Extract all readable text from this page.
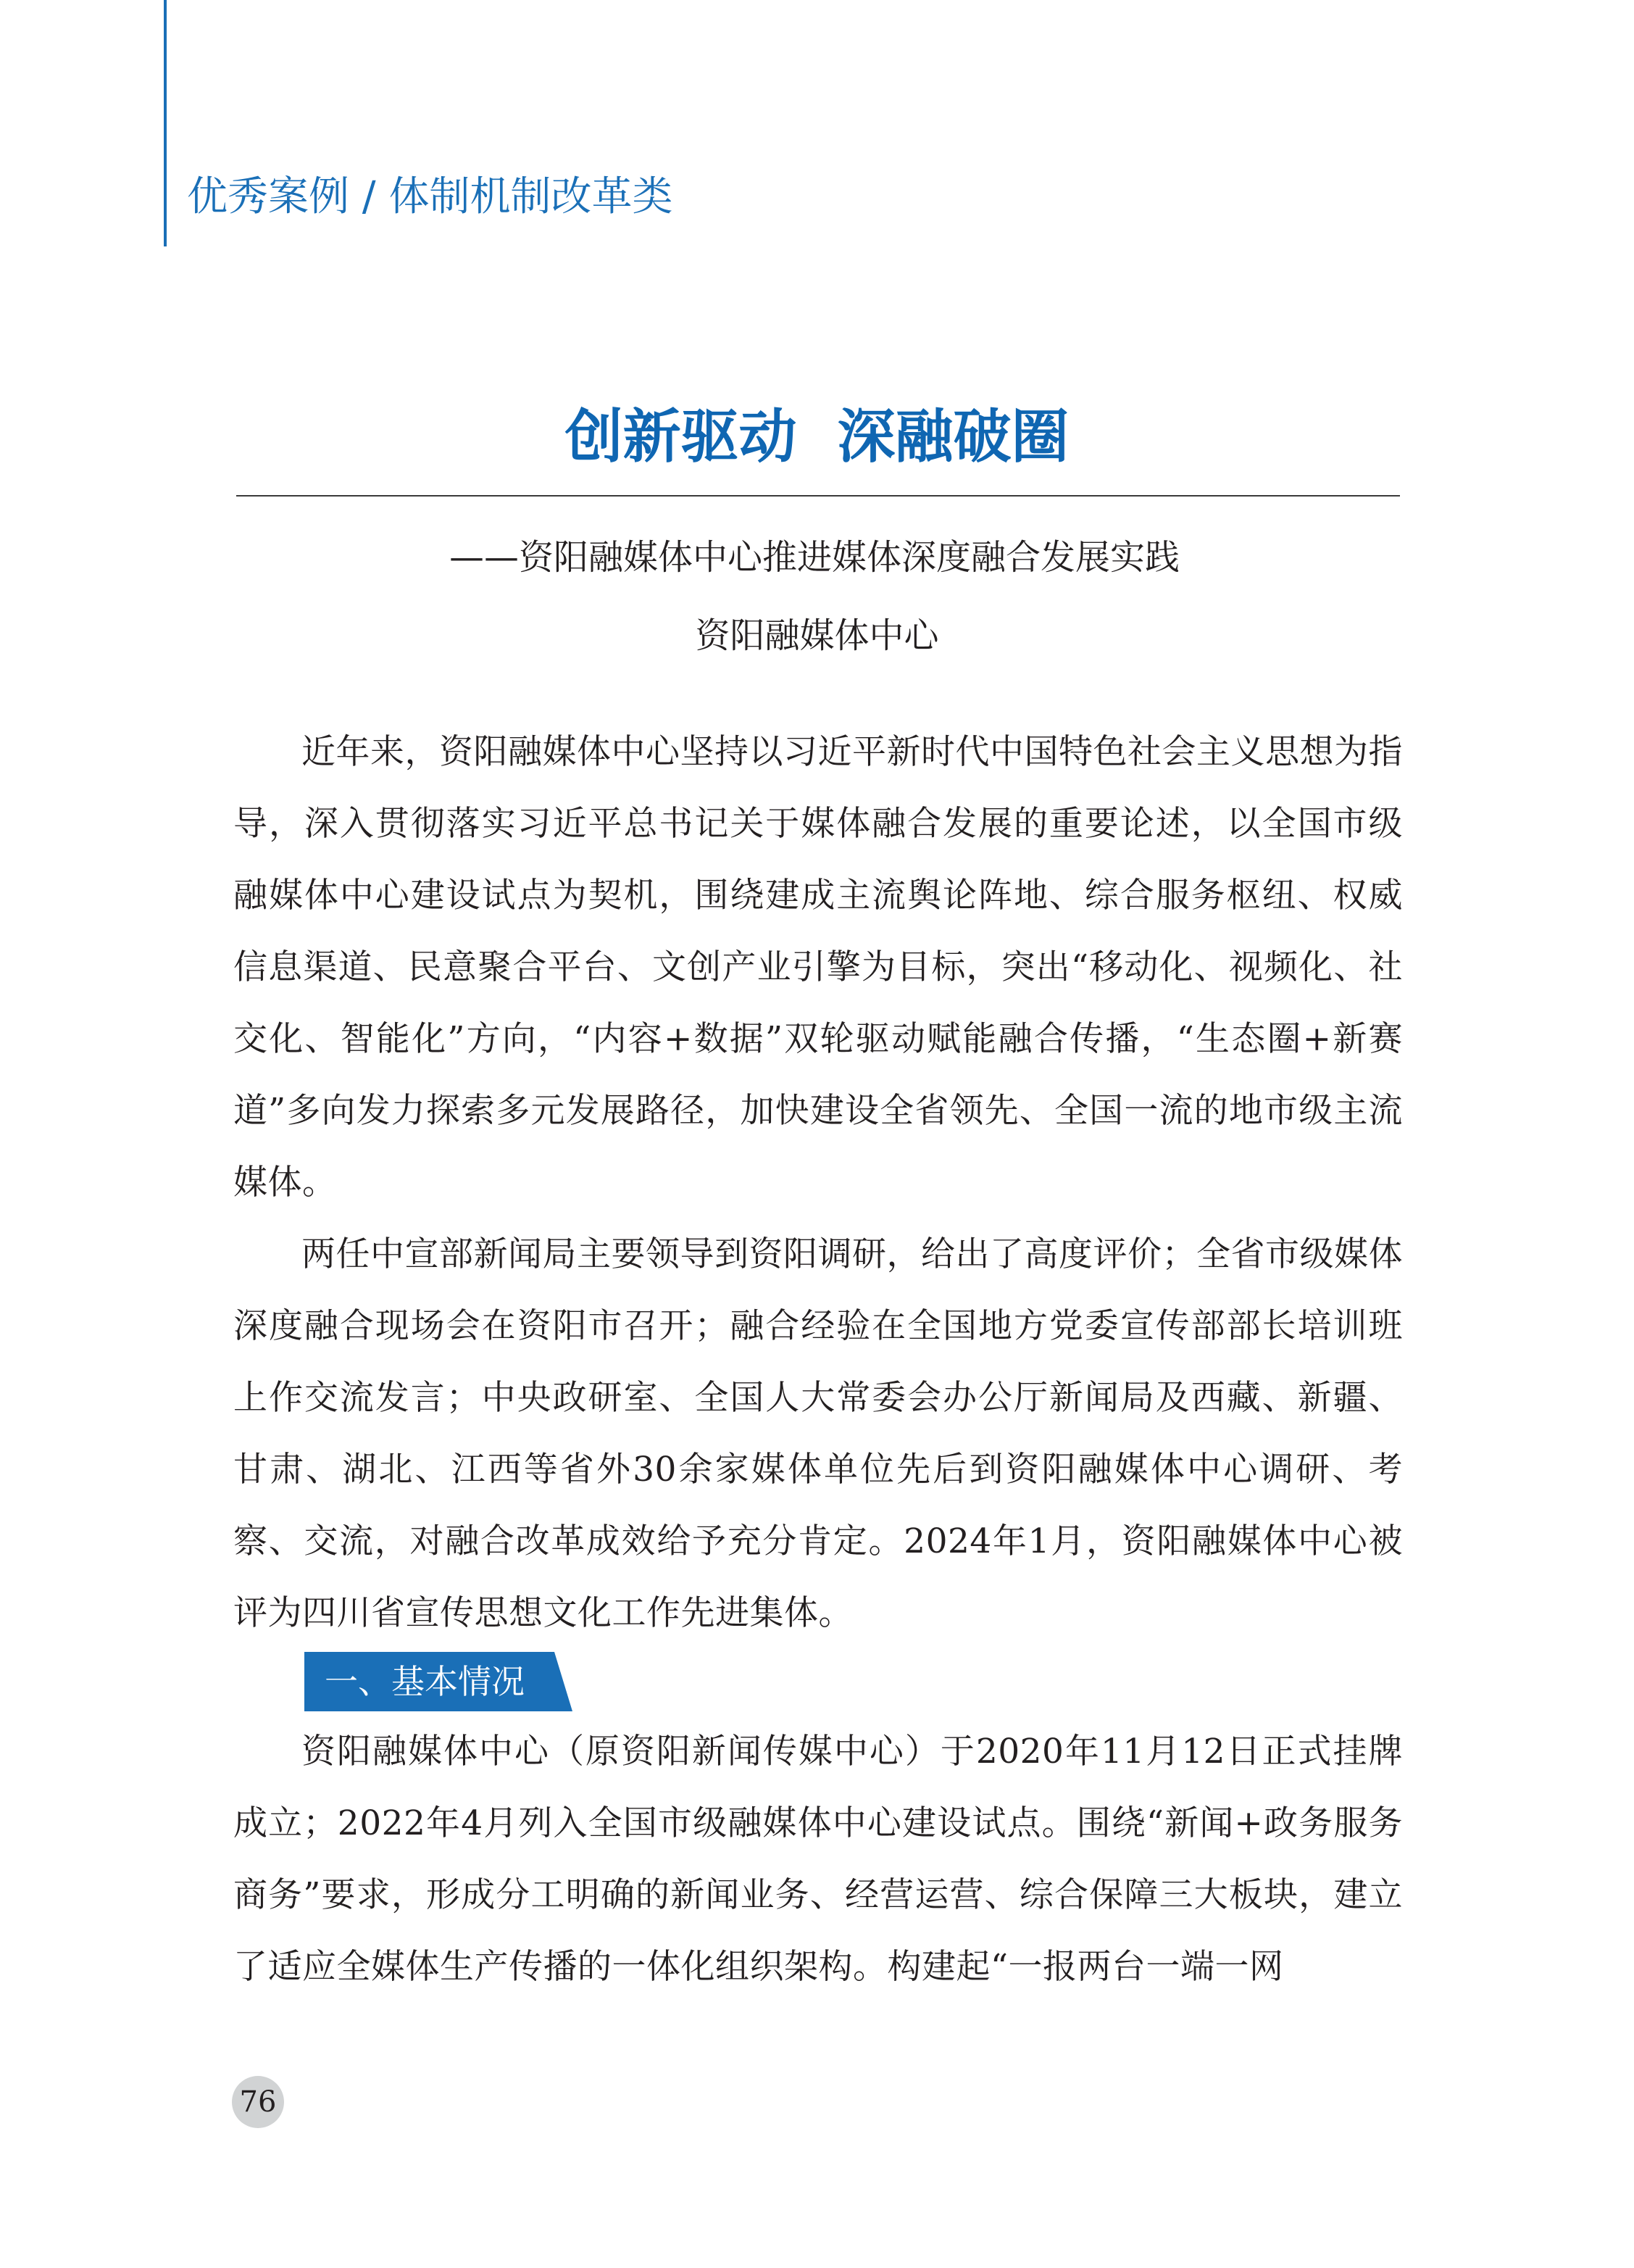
优秀案例 / 体制机制改革类
创新驱动  深融破圈
——资阳融媒体中心推进媒体深度融合发展实践
资阳融媒体中心

近年来，资阳融媒体中心坚持以习近平新时代中国特色社会主义思想为指导，深入贯彻落实习近平总书记关于媒体融合发展的重要论述，以全国市级融媒体中心建设试点为契机，围绕建成主流舆论阵地、综合服务枢纽、权威信息渠道、民意聚合平台、文创产业引擎为目标，突出“移动化、视频化、社交化、智能化”方向，“内容+数据”双轮驱动赋能融合传播，“生态圈+新赛道”多向发力探索多元发展路径，加快建设全省领先、全国一流的地市级主流媒体。

两任中宣部新闻局主要领导到资阳调研，给出了高度评价；全省市级媒体深度融合现场会在资阳市召开；融合经验在全国地方党委宣传部部长培训班上作交流发言；中央政研室、全国人大常委会办公厅新闻局及西藏、新疆、甘肃、湖北、江西等省外30余家媒体单位先后到资阳融媒体中心调研、考察、交流，对融合改革成效给予充分肯定。2024年1月，资阳融媒体中心被评为四川省宣传思想文化工作先进集体。

一、基本情况

资阳融媒体中心（原资阳新闻传媒中心）于2020年11月12日正式挂牌成立；2022年4月列入全国市级融媒体中心建设试点。围绕“新闻+政务服务商务”要求，形成分工明确的新闻业务、经营运营、综合保障三大板块，建立了适应全媒体生产传播的一体化组织架构。构建起“一报两台一端一网

76
